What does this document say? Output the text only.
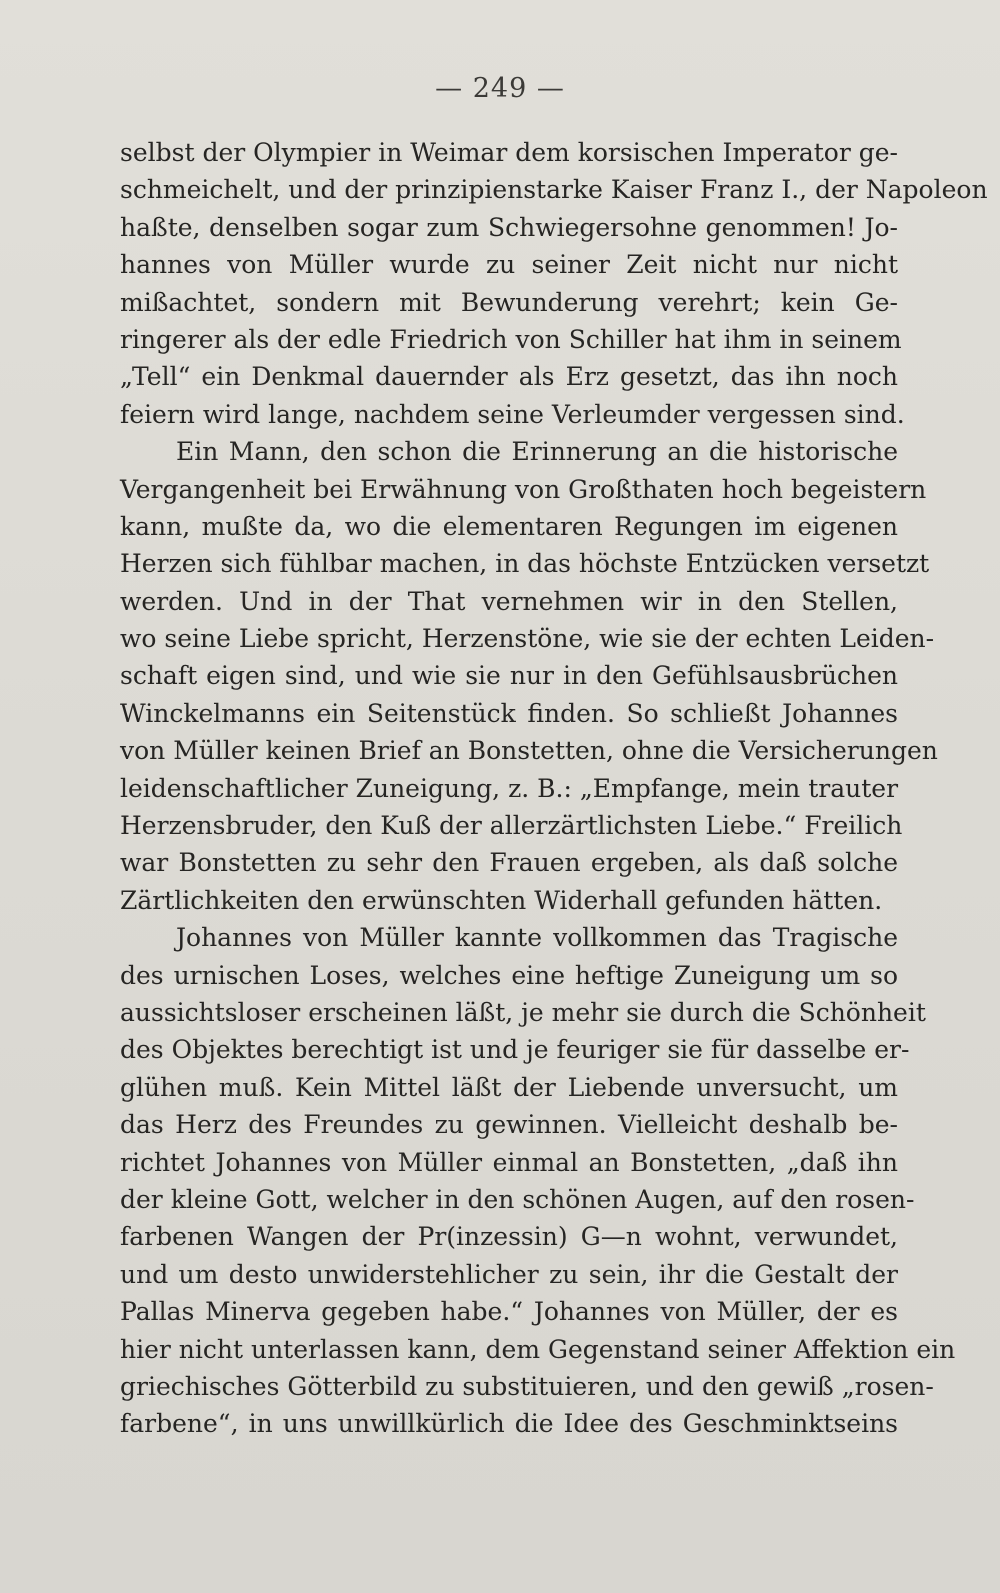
— 249 —
selbst der Olympier in Weimar dem korsischen Imperator ge-
schmeichelt, und der prinzipienstarke Kaiser Franz I., der Napoleon
haßte, denselben sogar zum Schwiegersohne genommen! Jo-
hannes von Müller wurde zu seiner Zeit nicht nur nicht
mißachtet, sondern mit Bewunderung verehrt; kein Ge-
ringerer als der edle Friedrich von Schiller hat ihm in seinem
„Tell“ ein Denkmal dauernder als Erz gesetzt, das ihn noch
feiern wird lange, nachdem seine Verleumder vergessen sind.
Ein Mann, den schon die Erinnerung an die historische
Vergangenheit bei Erwähnung von Großthaten hoch begeistern
kann, mußte da, wo die elementaren Regungen im eigenen
Herzen sich fühlbar machen, in das höchste Entzücken versetzt
werden. Und in der That vernehmen wir in den Stellen,
wo seine Liebe spricht, Herzenstöne, wie sie der echten Leiden-
schaft eigen sind, und wie sie nur in den Gefühlsausbrüchen
Winckelmanns ein Seitenstück finden. So schließt Johannes
von Müller keinen Brief an Bonstetten, ohne die Versicherungen
leidenschaftlicher Zuneigung, z. B.: „Empfange, mein trauter
Herzensbruder, den Kuß der allerzärtlichsten Liebe.“ Freilich
war Bonstetten zu sehr den Frauen ergeben, als daß solche
Zärtlichkeiten den erwünschten Widerhall gefunden hätten.
Johannes von Müller kannte vollkommen das Tragische
des urnischen Loses, welches eine heftige Zuneigung um so
aussichtsloser erscheinen läßt, je mehr sie durch die Schönheit
des Objektes berechtigt ist und je feuriger sie für dasselbe er-
glühen muß. Kein Mittel läßt der Liebende unversucht, um
das Herz des Freundes zu gewinnen. Vielleicht deshalb be-
richtet Johannes von Müller einmal an Bonstetten, „daß ihn
der kleine Gott, welcher in den schönen Augen, auf den rosen-
farbenen Wangen der Pr(inzessin) G—n wohnt, verwundet,
und um desto unwiderstehlicher zu sein, ihr die Gestalt der
Pallas Minerva gegeben habe.“ Johannes von Müller, der es
hier nicht unterlassen kann, dem Gegenstand seiner Affektion ein
griechisches Götterbild zu substituieren, und den gewiß „rosen-
farbene“, in uns unwillkürlich die Idee des Geschminktseins
